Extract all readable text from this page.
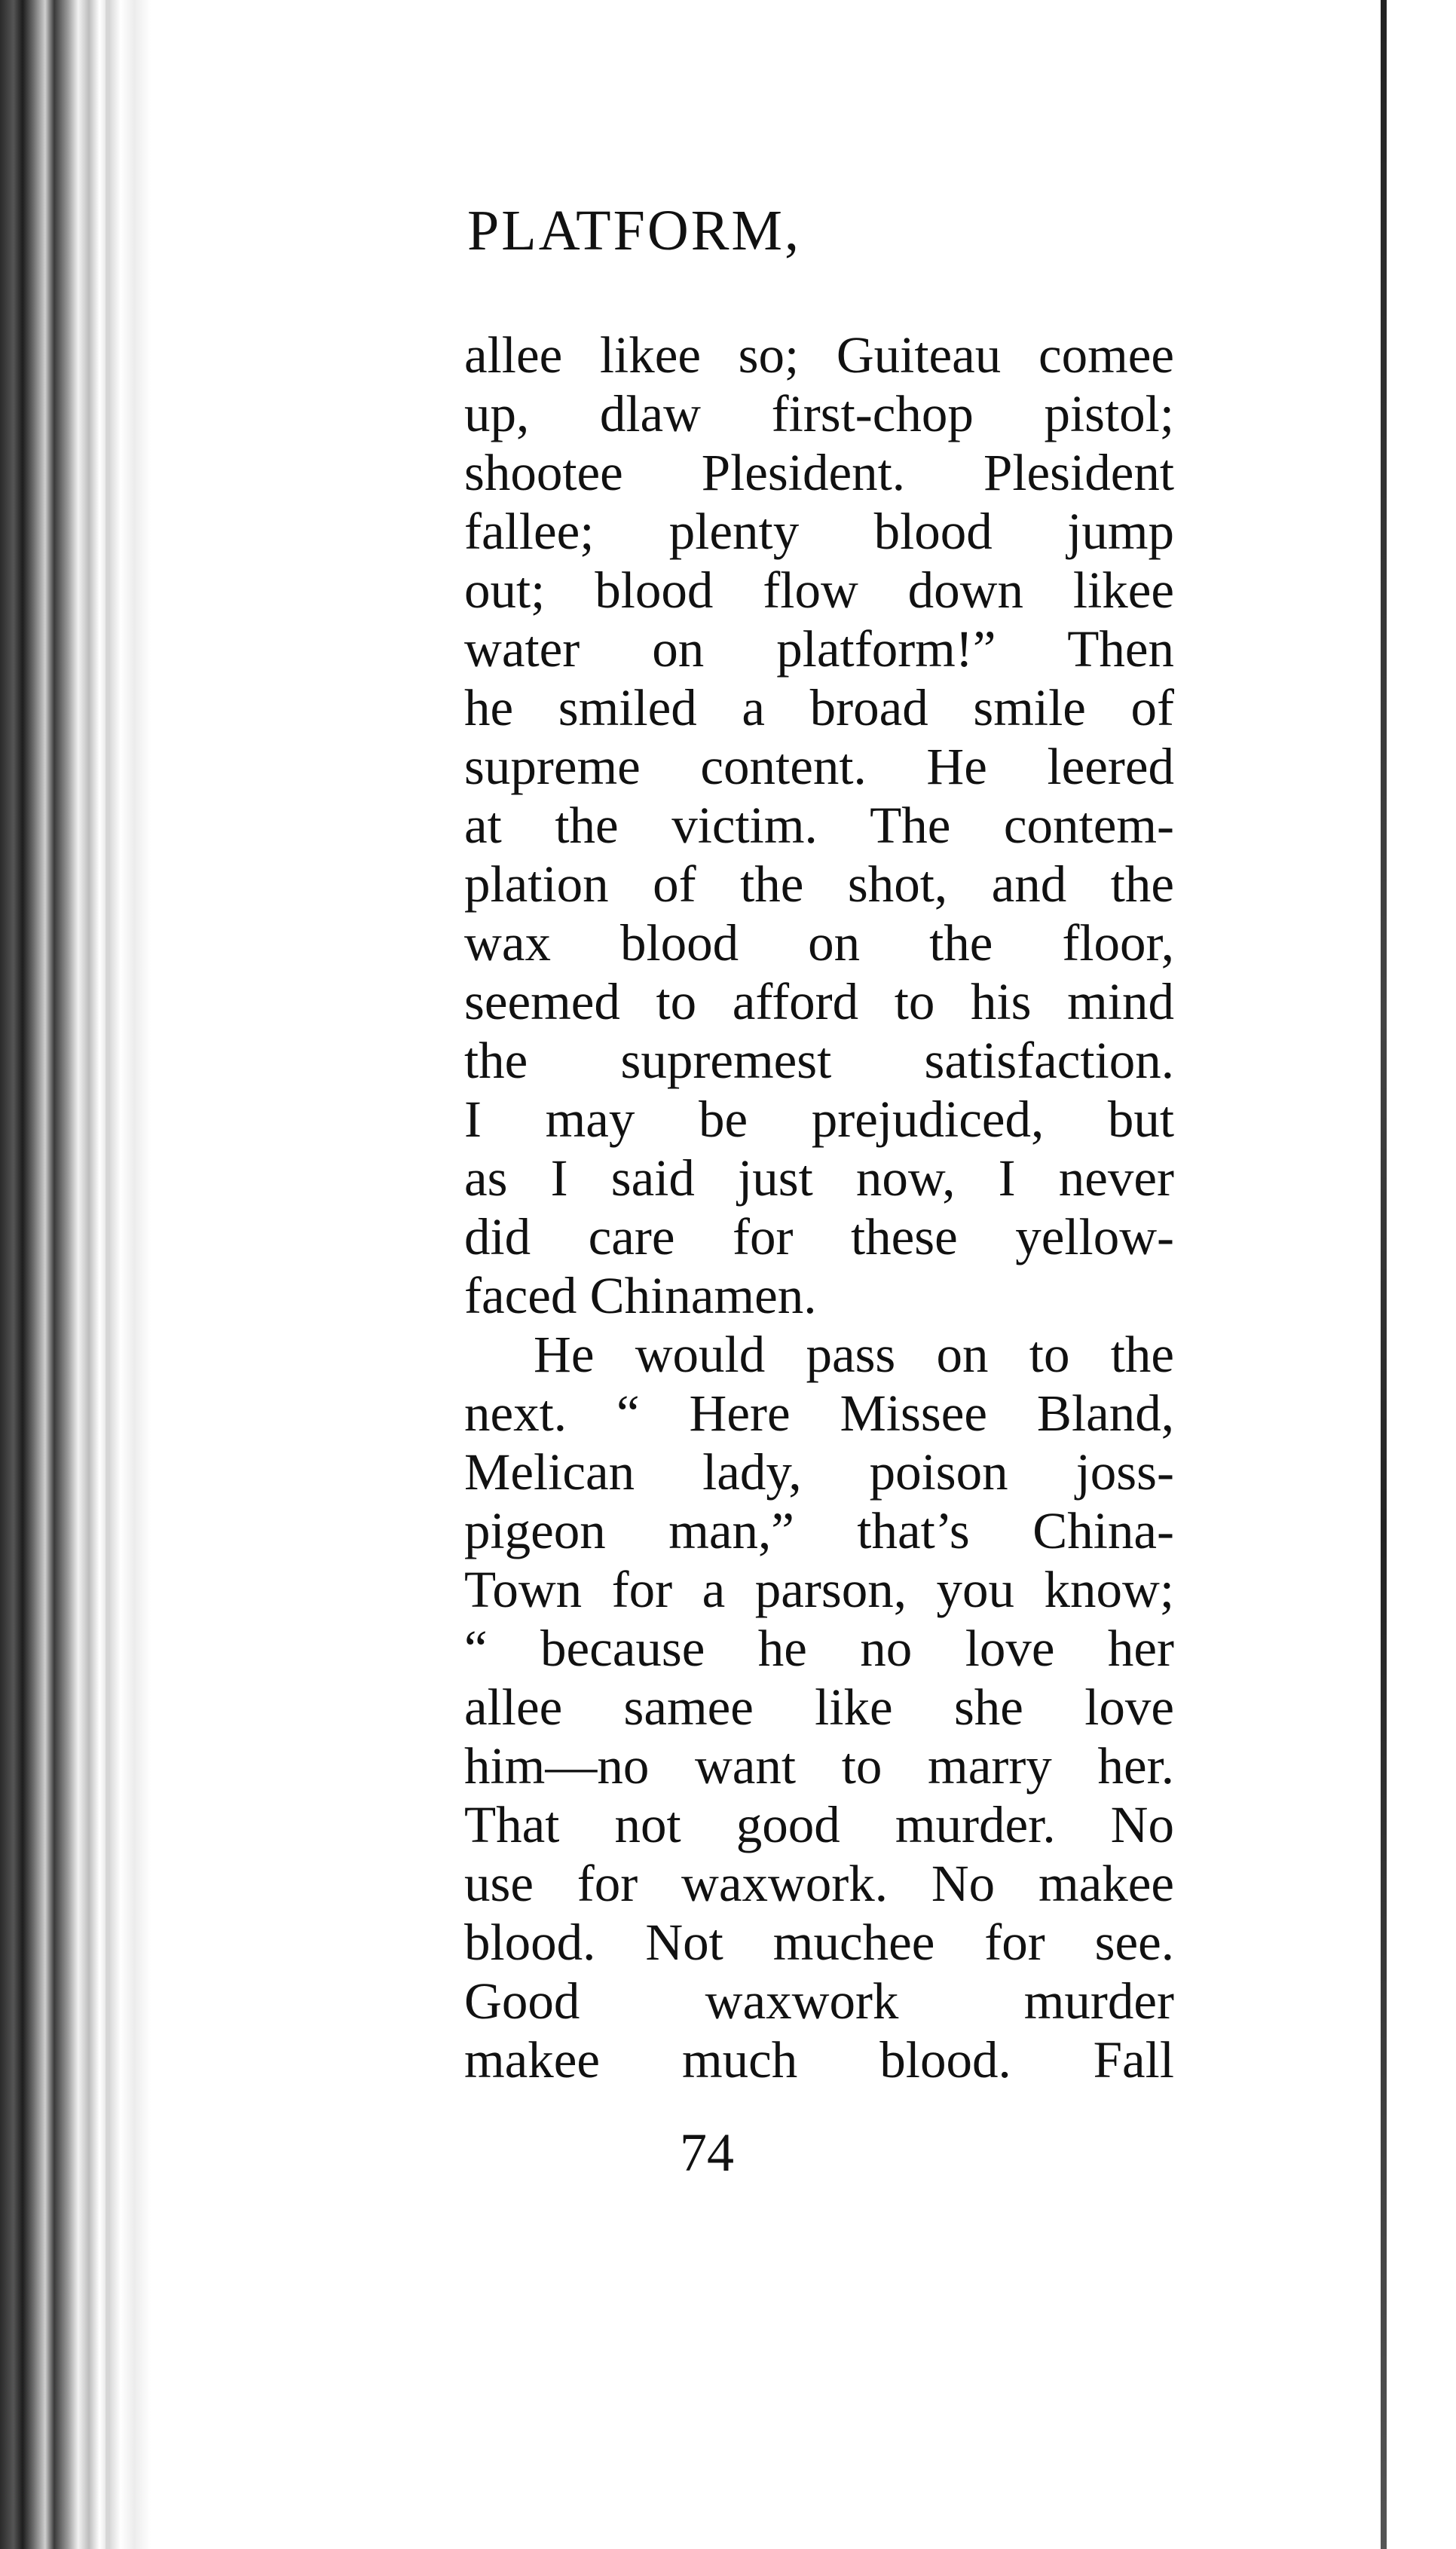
PLATFORM,
allee likee so; Guiteau comee
up, dlaw first-chop pistol;
shootee Plesident. Plesident
fallee; plenty blood jump
out; blood flow down likee
water on platform!” Then
he smiled a broad smile of
supreme content. He leered
at the victim. The contem-
plation of the shot, and the
wax blood on the floor,
seemed to afford to his mind
the supremest satisfaction.
I may be prejudiced, but
as I said just now, I never
did care for these yellow-
faced Chinamen.
He would pass on to the
next. “ Here Missee Bland,
Melican lady, poison joss-
pigeon man,” that’s China-
Town for a parson, you know;
“ because he no love her
allee samee like she love
him—no want to marry her.
That not good murder. No
use for waxwork. No makee
blood. Not muchee for see.
Good waxwork murder
makee much blood. Fall
74
